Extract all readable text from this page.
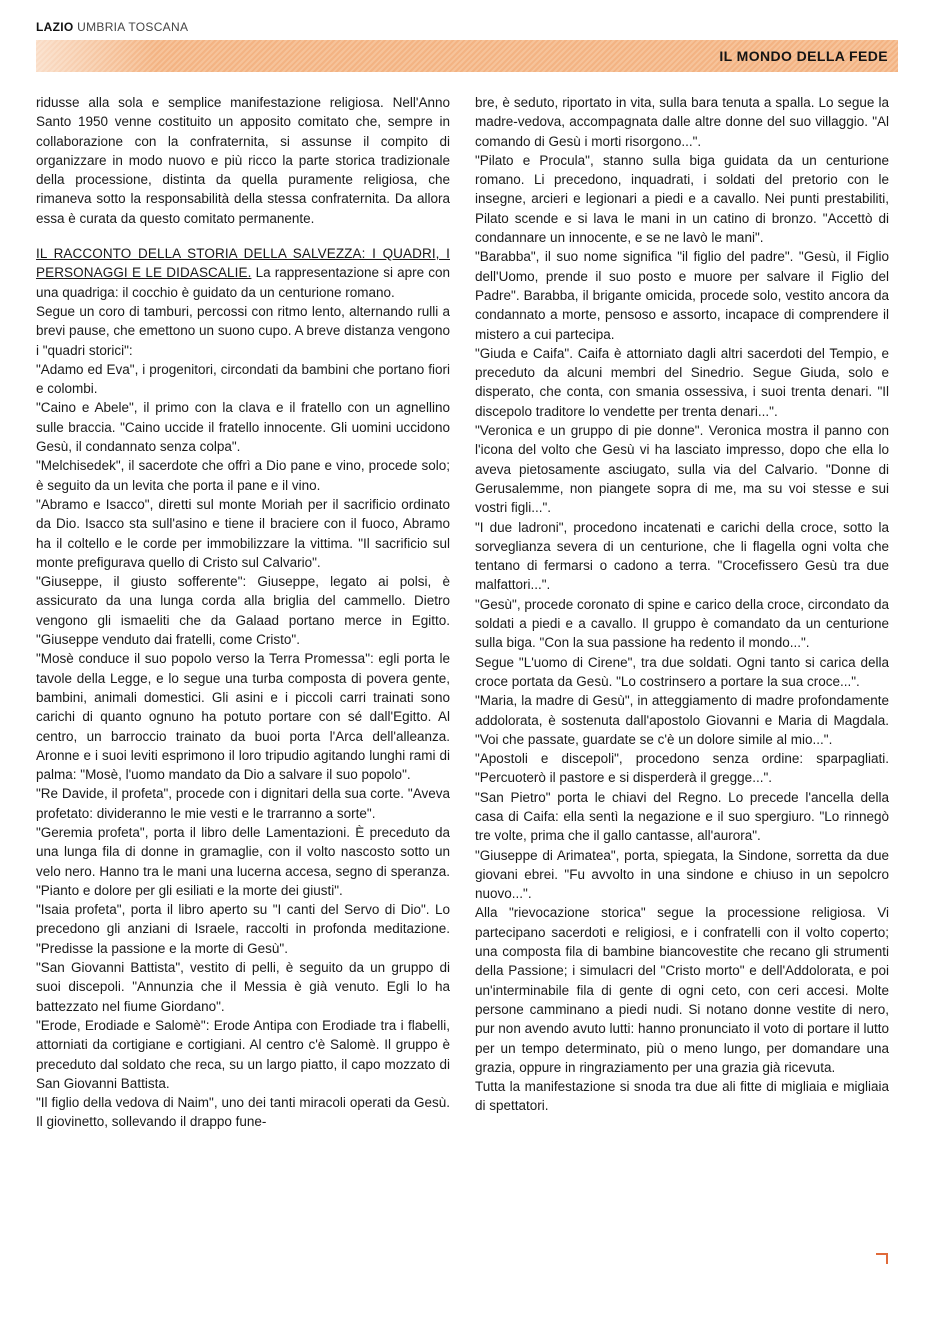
LAZIO UMBRIA TOSCANA
IL MONDO DELLA FEDE

ridusse alla sola e semplice manifestazione religiosa. Nell'Anno Santo 1950 venne costituito un apposito comitato che, sempre in collaborazione con la confraternita, si assunse il compito di organizzare in modo nuovo e più ricco la parte storica tradizionale della processione, distinta da quella puramente religiosa, che rimaneva sotto la responsabilità della stessa confraternita. Da allora essa è curata da questo comitato permanente.

IL RACCONTO DELLA STORIA DELLA SALVEZZA: I QUADRI, I PERSONAGGI E LE DIDASCALIE. La rappresentazione si apre con una quadriga: il cocchio è guidato da un centurione romano.

Segue un coro di tamburi, percossi con ritmo lento, alternando rulli a brevi pause, che emettono un suono cupo. A breve distanza vengono i "quadri storici":

"Adamo ed Eva", i progenitori, circondati da bambini che portano fiori e colombi.

"Caino e Abele", il primo con la clava e il fratello con un agnellino sulle braccia. "Caino uccide il fratello innocente. Gli uomini uccidono Gesù, il condannato senza colpa".

"Melchisedek", il sacerdote che offrì a Dio pane e vino, procede solo; è seguito da un levita che porta il pane e il vino.

"Abramo e Isacco", diretti sul monte Moriah per il sacrificio ordinato da Dio. Isacco sta sull'asino e tiene il braciere con il fuoco, Abramo ha il coltello e le corde per immobilizzare la vittima. "Il sacrificio sul monte prefigurava quello di Cristo sul Calvario".

"Giuseppe, il giusto sofferente": Giuseppe, legato ai polsi, è assicurato da una lunga corda alla briglia del cammello. Dietro vengono gli ismaeliti che da Galaad portano merce in Egitto. "Giuseppe venduto dai fratelli, come Cristo".

"Mosè conduce il suo popolo verso la Terra Promessa": egli porta le tavole della Legge, e lo segue una turba composta di povera gente, bambini, animali domestici. Gli asini e i piccoli carri trainati sono carichi di quanto ognuno ha potuto portare con sé dall'Egitto. Al centro, un barroccio trainato da buoi porta l'Arca dell'alleanza. Aronne e i suoi leviti esprimono il loro tripudio agitando lunghi rami di palma: "Mosè, l'uomo mandato da Dio a salvare il suo popolo".

"Re Davide, il profeta", procede con i dignitari della sua corte. "Aveva profetato: divideranno le mie vesti e le trarranno a sorte".

"Geremia profeta", porta il libro delle Lamentazioni. È preceduto da una lunga fila di donne in gramaglie, con il volto nascosto sotto un velo nero. Hanno tra le mani una lucerna accesa, segno di speranza. "Pianto e dolore per gli esiliati e la morte dei giusti".

"Isaia profeta", porta il libro aperto su "I canti del Servo di Dio". Lo precedono gli anziani di Israele, raccolti in profonda meditazione. "Predisse la passione e la morte di Gesù".

"San Giovanni Battista", vestito di pelli, è seguito da un gruppo di suoi discepoli. "Annunzia che il Messia è già venuto. Egli lo ha battezzato nel fiume Giordano".

"Erode, Erodiade e Salomè": Erode Antipa con Erodiade tra i flabelli, attorniati da cortigiane e cortigiani. Al centro c'è Salomè. Il gruppo è preceduto dal soldato che reca, su un largo piatto, il capo mozzato di San Giovanni Battista.

"Il figlio della vedova di Naim", uno dei tanti miracoli operati da Gesù. Il giovinetto, sollevando il drappo fune-

bre, è seduto, riportato in vita, sulla bara tenuta a spalla. Lo segue la madre-vedova, accompagnata dalle altre donne del suo villaggio. "Al comando di Gesù i morti risorgono...".

"Pilato e Procula", stanno sulla biga guidata da un centurione romano. Li precedono, inquadrati, i soldati del pretorio con le insegne, arcieri e legionari a piedi e a cavallo. Nei punti prestabiliti, Pilato scende e si lava le mani in un catino di bronzo. "Accettò di condannare un innocente, e se ne lavò le mani".

"Barabba", il suo nome significa "il figlio del padre". "Gesù, il Figlio dell'Uomo, prende il suo posto e muore per salvare il Figlio del Padre". Barabba, il brigante omicida, procede solo, vestito ancora da condannato a morte, pensoso e assorto, incapace di comprendere il mistero a cui partecipa.

"Giuda e Caifa". Caifa è attorniato dagli altri sacerdoti del Tempio, e preceduto da alcuni membri del Sinedrio. Segue Giuda, solo e disperato, che conta, con smania ossessiva, i suoi trenta denari. "Il discepolo traditore lo vendette per trenta denari...".

"Veronica e un gruppo di pie donne". Veronica mostra il panno con l'icona del volto che Gesù vi ha lasciato impresso, dopo che ella lo aveva pietosamente asciugato, sulla via del Calvario. "Donne di Gerusalemme, non piangete sopra di me, ma su voi stesse e sui vostri figli...".

"I due ladroni", procedono incatenati e carichi della croce, sotto la sorveglianza severa di un centurione, che li flagella ogni volta che tentano di fermarsi o cadono a terra. "Crocefissero Gesù tra due malfattori...".

"Gesù", procede coronato di spine e carico della croce, circondato da soldati a piedi e a cavallo. Il gruppo è comandato da un centurione sulla biga. "Con la sua passione ha redento il mondo...".

Segue "L'uomo di Cirene", tra due soldati. Ogni tanto si carica della croce portata da Gesù. "Lo costrinsero a portare la sua croce...".

"Maria, la madre di Gesù", in atteggiamento di madre profondamente addolorata, è sostenuta dall'apostolo Giovanni e Maria di Magdala. "Voi che passate, guardate se c'è un dolore simile al mio...".

"Apostoli e discepoli", procedono senza ordine: sparpagliati. "Percuoterò il pastore e si disperderà il gregge...".

"San Pietro" porta le chiavi del Regno. Lo precede l'ancella della casa di Caifa: ella sentì la negazione e il suo spergiuro. "Lo rinnegò tre volte, prima che il gallo cantasse, all'aurora".

"Giuseppe di Arimatea", porta, spiegata, la Sindone, sorretta da due giovani ebrei. "Fu avvolto in una sindone e chiuso in un sepolcro nuovo...".

Alla "rievocazione storica" segue la processione religiosa. Vi partecipano sacerdoti e religiosi, e i confratelli con il volto coperto; una composta fila di bambine biancovestite che recano gli strumenti della Passione; i simulacri del "Cristo morto" e dell'Addolorata, e poi un'interminabile fila di gente di ogni ceto, con ceri accesi. Molte persone camminano a piedi nudi. Si notano donne vestite di nero, pur non avendo avuto lutti: hanno pronunciato il voto di portare il lutto per un tempo determinato, più o meno lungo, per domandare una grazia, oppure in ringraziamento per una grazia già ricevuta.

Tutta la manifestazione si snoda tra due ali fitte di migliaia e migliaia di spettatori.
